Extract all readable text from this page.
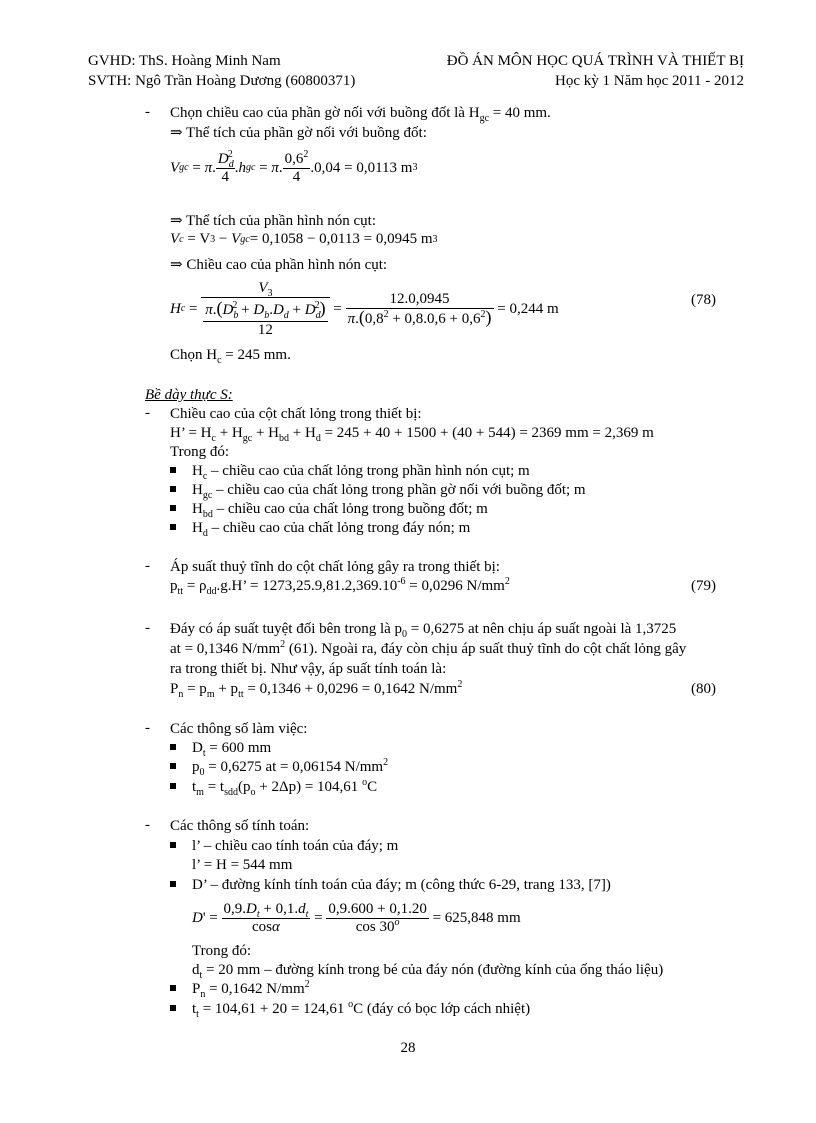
GVHD: ThS. Hoàng Minh Nam
SVTH: Ngô Trần Hoàng Dương (60800371)
ĐỒ ÁN MÔN HỌC QUÁ TRÌNH VÀ THIẾT BỊ
Học kỳ 1 Năm học 2011 - 2012
- Chọn chiều cao của phần gờ nối với buồng đốt là $H_{gc} = 40$ mm.
⇒ Thể tích của phần gờ nối với buồng đốt:
V gc = π . $\frac{D_d^2}{4}$ . h gc = π . $\frac{0,6^2}{4} .0,04 = 0,0113$ m 3
⇒ Thể tích của phần hình nón cụt:
V c
= V 3 − V gc = 0,1058 − 0,0113 = 0,0945 m 3
⇒ Chiều cao của phần hình nón cụt:
H c =
$V_3$
$\pi.(D_b^2 + D_b.D_d + D_d^2)$
12
= $\frac{12.0,0945}{\pi.(0,8^2 + 0,8.0,6 + 0,6^2)}$
= 0,244 m
(78)
Chọn $H_c = 245$ mm.
Bề dày thực S:
- Chiều cao của cột chất lỏng trong thiết bị:
H’ = $H_c + H_{gc} + H_{bd} + H_d = 245 + 40 + 1500 + (40 + 544) = 2369$ mm = 2,369 m
Trong đó:
$H_c$ – chiều cao của chất lỏng trong phần hình nón cụt; m
$H_{gc}$ – chiều cao của chất lỏng trong phần gờ nối với buồng đốt; m
$H_{bd}$ – chiều cao của chất lỏng trong buồng đốt; m
$H_d$ – chiều cao của chất lỏng trong đáy nón; m
- Áp suất thuỷ tĩnh do cột chất lỏng gây ra trong thiết bị:
$p_{tt} = \rho_{dd}.g.H$’ = $1273,25.9,81.2,369.10^{-6} = 0,0296$ $N/mm^2$	(79)
- Đáy có áp suất tuyệt đối bên trong là $p_0 = 0,6275$ at nên chịu áp suất ngoài là 1,3725
at = 0,1346 $N/mm^2$ (61). Ngoài ra, đáy còn chịu áp suất thuỷ tĩnh do cột chất lỏng gây
ra trong thiết bị. Như vậy, áp suất tính toán là:
$P_n = p_m + p_{tt} = 0,1346 + 0,0296 = 0,1642$ $N/mm^2$	(80)
- Các thông số làm việc:
$D_t = 600$ mm
$p_0 = 0,6275$ at = 0,06154 $N/mm^2$
$t_m = t_{sdd}(p_o + 2\Delta p) = 104,61$ $^o$C
- Các thông số tính toán:
l’ – chiều cao tính toán của đáy; m
l’ = H = 544 mm
D’ – đường kính tính toán của đáy; m (công thức 6-29, trang 133, [7])
D ' = $\frac{0,9.D_t + 0,1.d_t}{\cos\alpha} = \frac{0,9.600 + 0,1.20}{\cos 30^o}$
= 625,848 mm
Trong đó:
$d_t = 20$ mm – đường kính trong bé của đáy nón (đường kính của ống tháo liệu)
$P_n = 0,1642$ $N/mm^2$
$t_t = 104,61 + 20 = 124,61$ $^o$C (đáy có bọc lớp cách nhiệt)
28
